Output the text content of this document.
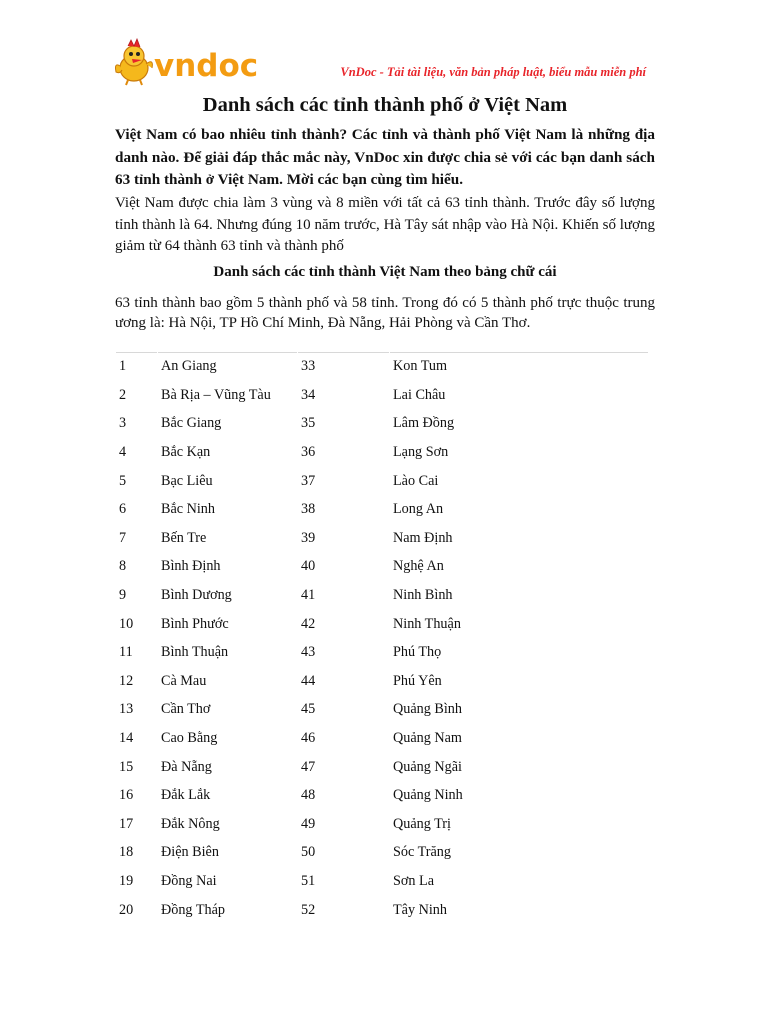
vndoc	VnDoc - Tải tài liệu, văn bản pháp luật, biểu mẫu miễn phí
Danh sách các tỉnh thành phố ở Việt Nam

Việt Nam có bao nhiêu tỉnh thành? Các tỉnh và thành phố Việt Nam là những địa danh nào. Để giải đáp thắc mắc này, VnDoc xin được chia sẻ với các bạn danh sách 63 tỉnh thành ở Việt Nam. Mời các bạn cùng tìm hiểu.

Việt Nam được chia làm 3 vùng và 8 miền với tất cả 63 tỉnh thành. Trước đây số lượng tỉnh thành là 64. Nhưng đúng 10 năm trước, Hà Tây sát nhập vào Hà Nội. Khiến số lượng giảm từ 64 thành 63 tỉnh và thành phố

Danh sách các tỉnh thành Việt Nam theo bảng chữ cái

63 tỉnh thành bao gồm 5 thành phố và 58 tỉnh. Trong đó có 5 thành phố trực thuộc trung ương là: Hà Nội, TP Hồ Chí Minh, Đà Nẵng, Hải Phòng và Cần Thơ.

1	An Giang	33	Kon Tum
2	Bà Rịa – Vũng Tàu	34	Lai Châu
3	Bắc Giang	35	Lâm Đồng
4	Bắc Kạn	36	Lạng Sơn
5	Bạc Liêu	37	Lào Cai
6	Bắc Ninh	38	Long An
7	Bến Tre	39	Nam Định
8	Bình Định	40	Nghệ An
9	Bình Dương	41	Ninh Bình
10	Bình Phước	42	Ninh Thuận
11	Bình Thuận	43	Phú Thọ
12	Cà Mau	44	Phú Yên
13	Cần Thơ	45	Quảng Bình
14	Cao Bằng	46	Quảng Nam
15	Đà Nẵng	47	Quảng Ngãi
16	Đắk Lắk	48	Quảng Ninh
17	Đắk Nông	49	Quảng Trị
18	Điện Biên	50	Sóc Trăng
19	Đồng Nai	51	Sơn La
20	Đồng Tháp	52	Tây Ninh
